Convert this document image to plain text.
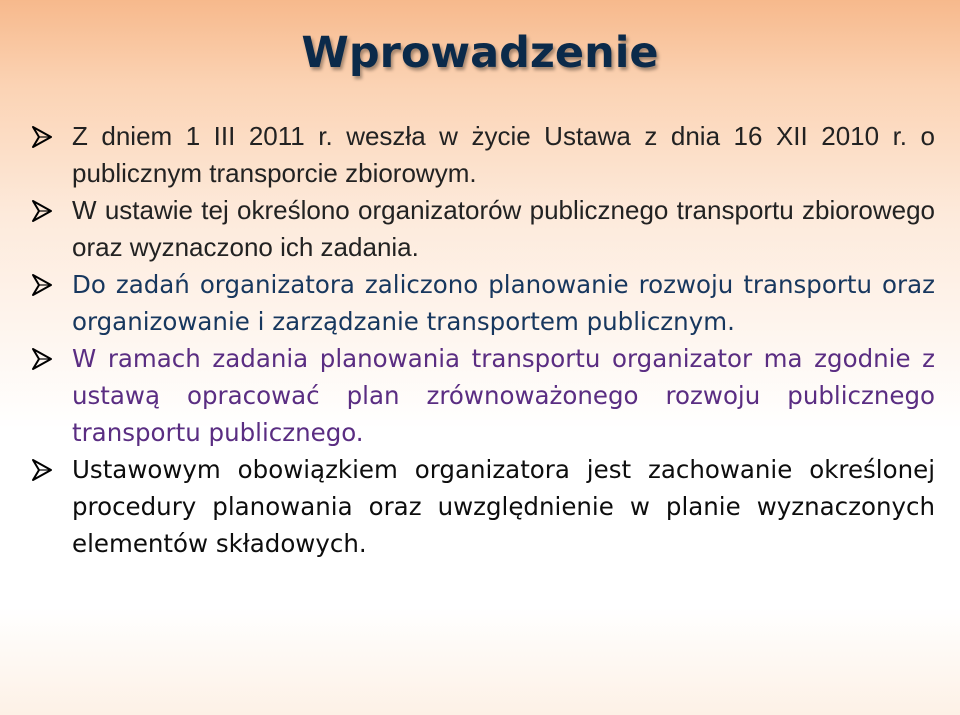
Wprowadzenie
Z dniem 1 III 2011 r. weszła w życie Ustawa z dnia 16 XII 2010 r. o publicznym transporcie zbiorowym.
W ustawie tej określono organizatorów publicznego transportu zbiorowego oraz wyznaczono ich zadania.
Do zadań organizatora zaliczono planowanie rozwoju transportu oraz organizowanie i zarządzanie transportem publicznym.
W ramach zadania planowania transportu organizator ma zgodnie z ustawą opracować plan zrównoważonego rozwoju publicznego transportu publicznego.
Ustawowym obowiązkiem organizatora jest zachowanie określonej procedury planowania oraz uwzględnienie w planie wyznaczonych elementów składowych.
